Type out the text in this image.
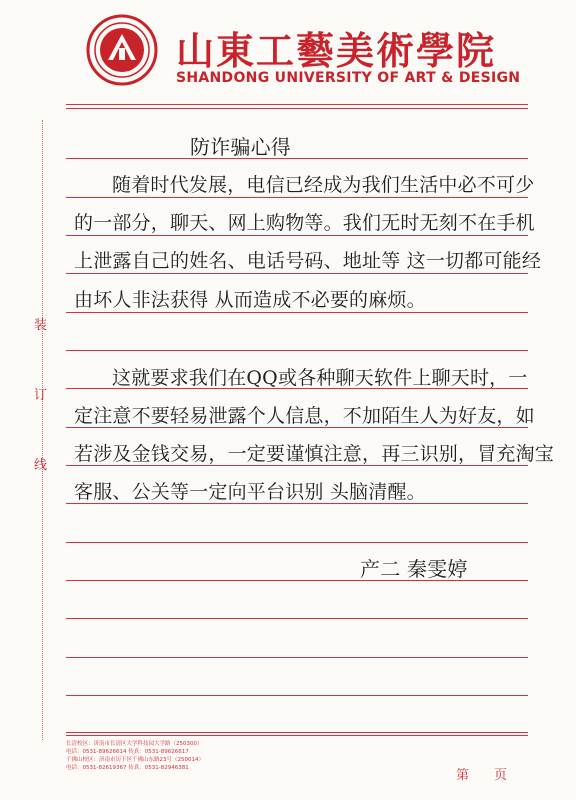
山東工藝美術學院
SHANDONG UNIVERSITY OF ART & DESIGN
装
订
线
防诈骗心得
随着时代发展，电信已经成为我们生活中必不可少
的一部分，聊天、网上购物等。我们无时无刻不在手机
上泄露自己的姓名、电话号码、地址等 这一切都可能经
由坏人非法获得 从而造成不必要的麻烦。
这就要求我们在QQ或各种聊天软件上聊天时，一
定注意不要轻易泄露个人信息，不加陌生人为好友，如
若涉及金钱交易，一定要谨慎注意，再三识别，冒充淘宝
客服、公关等一定向平台识别 头脑清醒。
产二 秦雯婷
长清校区：济南市长清区大学科技园大学路（250300）
电话：0531-89626614 传真：0531-89626617
千佛山校区：济南市历下区千佛山东路23号（250014）
电话：0531-82619367 传真：0531-82946381	第 页
